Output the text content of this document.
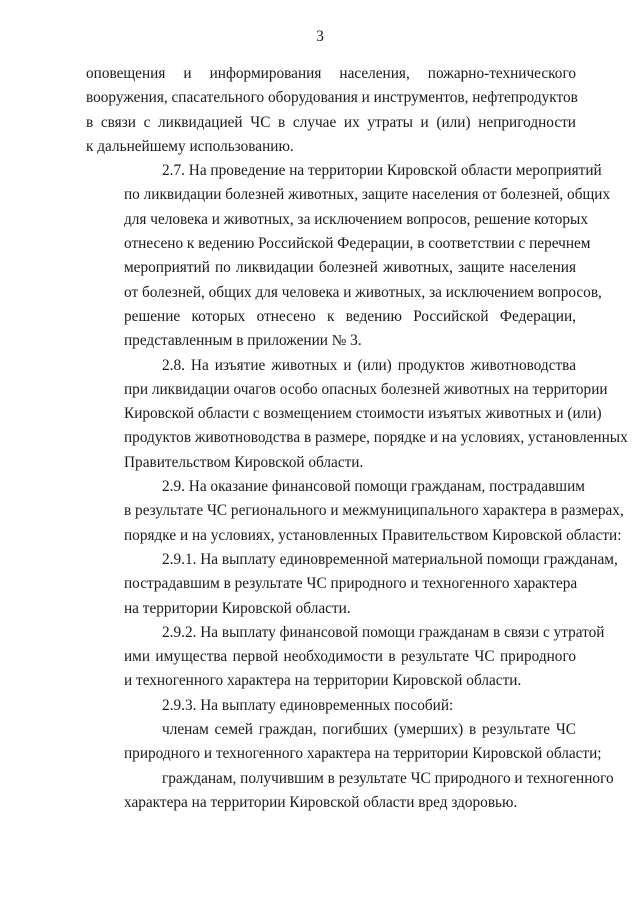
3
оповещения и информирования населения, пожарно-технического
вооружения, спасательного оборудования и инструментов, нефтепродуктов
в связи с ликвидацией ЧС в случае их утраты и (или) непригодности
к дальнейшему использованию.
2.7. На проведение на территории Кировской области мероприятий
по ликвидации болезней животных, защите населения от болезней, общих
для человека и животных, за исключением вопросов, решение которых
отнесено к ведению Российской Федерации, в соответствии с перечнем
мероприятий по ликвидации болезней животных, защите населения
от болезней, общих для человека и животных, за исключением вопросов,
решение которых отнесено к ведению Российской Федерации,
представленным в приложении № 3.
2.8. На изъятие животных и (или) продуктов животноводства
при ликвидации очагов особо опасных болезней животных на территории
Кировской области с возмещением стоимости изъятых животных и (или)
продуктов животноводства в размере, порядке и на условиях, установленных
Правительством Кировской области.
2.9. На оказание финансовой помощи гражданам, пострадавшим
в результате ЧС регионального и межмуниципального характера в размерах,
порядке и на условиях, установленных Правительством Кировской области:
2.9.1. На выплату единовременной материальной помощи гражданам,
пострадавшим в результате ЧС природного и техногенного характера
на территории Кировской области.
2.9.2. На выплату финансовой помощи гражданам в связи с утратой
ими имущества первой необходимости в результате ЧС природного
и техногенного характера на территории Кировской области.
2.9.3. На выплату единовременных пособий:
членам семей граждан, погибших (умерших) в результате ЧС
природного и техногенного характера на территории Кировской области;
гражданам, получившим в результате ЧС природного и техногенного
характера на территории Кировской области вред здоровью.
